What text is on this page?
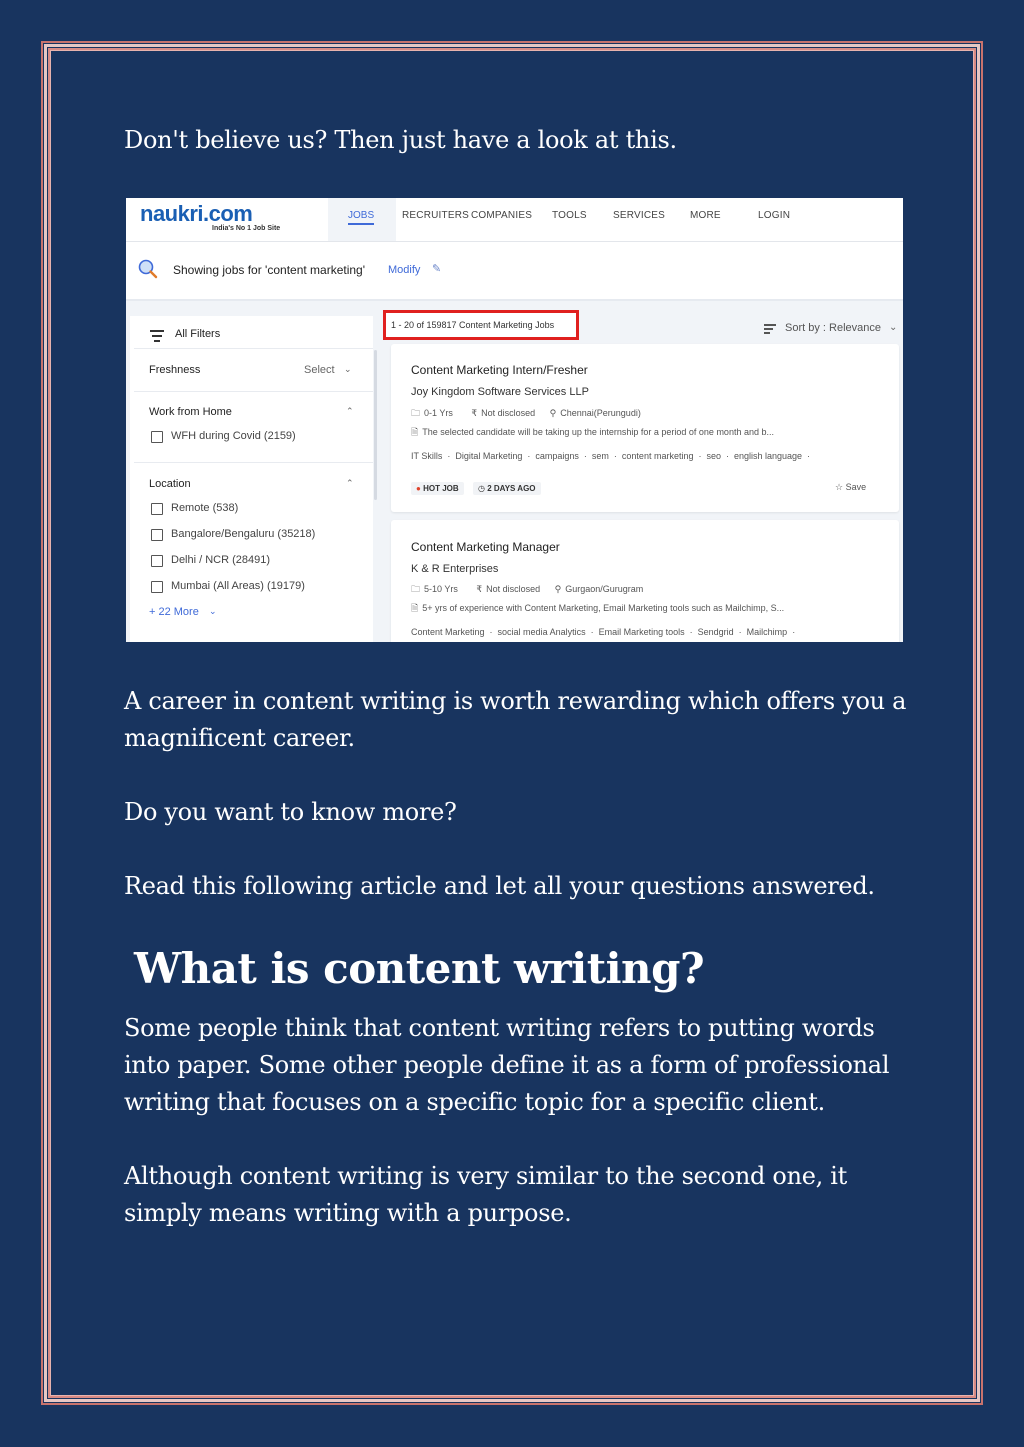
Don't believe us? Then just have a look at this.

naukri.com
India's No 1 Job Site
JOBS	RECRUITERS COMPANIES TOOLS	SERVICES	MORE	LOGIN
Showing jobs for 'content marketing' Modify ✎
All Filters
Freshness	Select ⌄
Work from Home	⌃
WFH during Covid (2159)
Location	⌃
Remote (538)
Bangalore/Bengaluru (35218)
Delhi / NCR (28491)
Mumbai (All Areas) (19179)
+ 22 More ⌄
1 - 20 of 159817 Content Marketing Jobs	Sort by : Relevance ⌄
Content Marketing Intern/Fresher
Joy Kingdom Software Services LLP
🗀 0-1 Yrs ₹ Not disclosed ⚲ Chennai(Perungudi)
🗎 The selected candidate will be taking up the internship for a period of one month and b...
IT Skills  ·  Digital Marketing  ·  campaigns  ·  sem  ·  content marketing  ·  seo  ·  english language  ·
● HOT JOB	◷ 2 DAYS AGO	☆ Save
Content Marketing Manager
K & R Enterprises
🗀 5-10 Yrs ₹ Not disclosed ⚲ Gurgaon/Gurugram
🗎 5+ yrs of experience with Content Marketing, Email Marketing tools such as Mailchimp, S...
Content Marketing  ·  social media Analytics  ·  Email Marketing tools  ·  Sendgrid  ·  Mailchimp  ·

A career in content writing is worth rewarding which offers you a magnificent career.

Do you want to know more?

Read this following article and let all your questions answered.

What is content writing?

Some people think that content writing refers to putting words into paper. Some other people define it as a form of professional writing that focuses on a specific topic for a specific client.

Although content writing is very similar to the second one, it simply means writing with a purpose.
